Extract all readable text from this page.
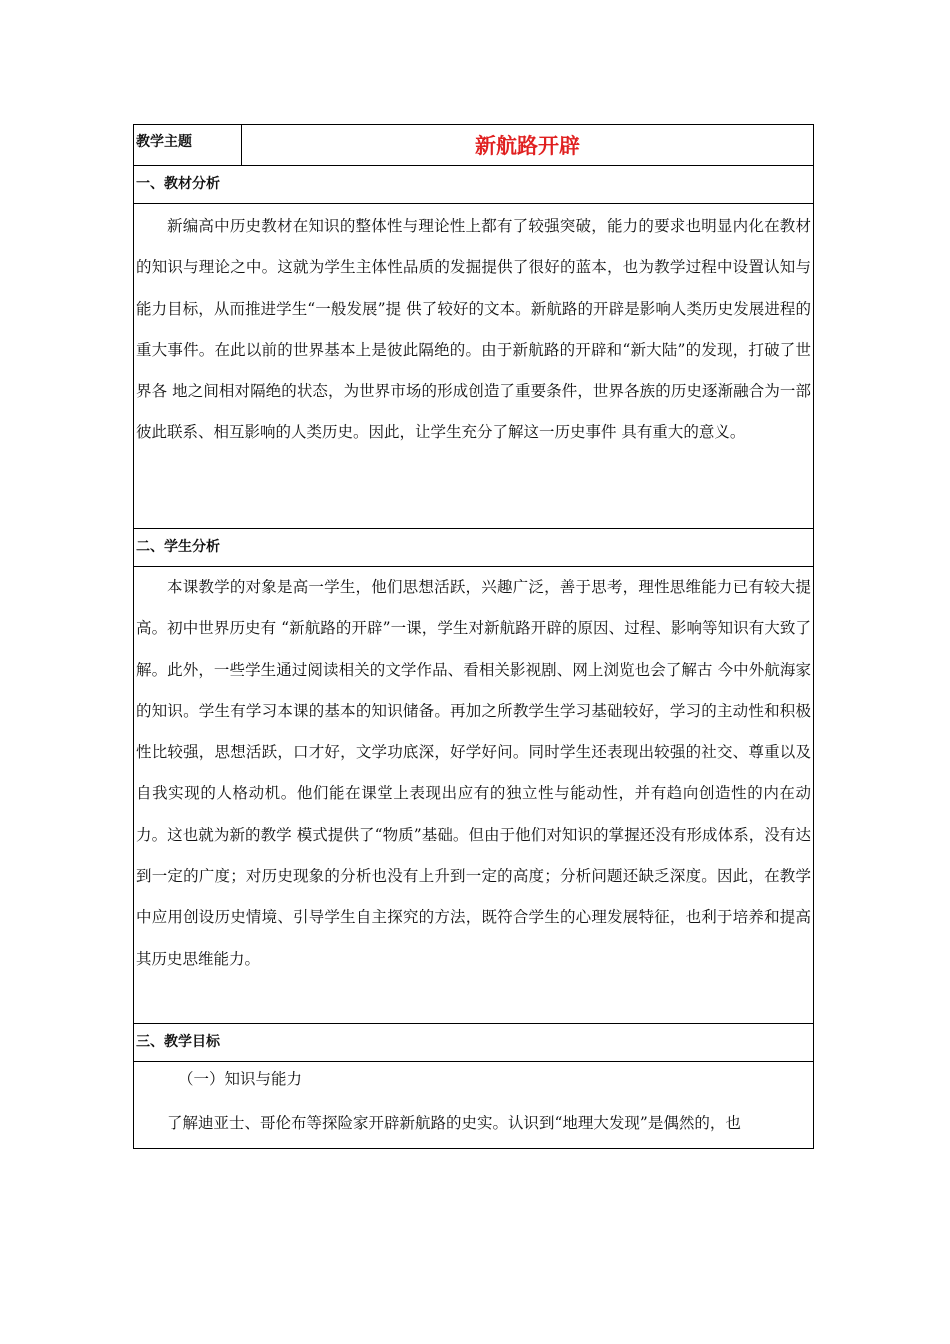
教学主题	新航路开辟
一、教材分析

新编高中历史教材在知识的整体性与理论性上都有了较强突破，能力的要求也明显内化在教材的知识与理论之中。这就为学生主体性品质的发掘提供了很好的蓝本，也为教学过程中设置认知与能力目标，从而推进学生“一般发展”提 供了较好的文本。新航路的开辟是影响人类历史发展进程的重大事件。在此以前的世界基本上是彼此隔绝的。由于新航路的开辟和“新大陆”的发现，打破了世界各 地之间相对隔绝的状态，为世界市场的形成创造了重要条件，世界各族的历史逐渐融合为一部彼此联系、相互影响的人类历史。因此，让学生充分了解这一历史事件 具有重大的意义。

二、学生分析

本课教学的对象是高一学生，他们思想活跃，兴趣广泛，善于思考，理性思维能力已有较大提高。初中世界历史有 “新航路的开辟”一课，学生对新航路开辟的原因、过程、影响等知识有大致了解。此外，一些学生通过阅读相关的文学作品、看相关影视剧、网上浏览也会了解古 今中外航海家的知识。学生有学习本课的基本的知识储备。再加之所教学生学习基础较好，学习的主动性和积极性比较强，思想活跃，口才好，文学功底深，好学好问。同时学生还表现出较强的社交、尊重以及自我实现的人格动机。他们能在课堂上表现出应有的独立性与能动性，并有趋向创造性的内在动力。这也就为新的教学 模式提供了“物质”基础。但由于他们对知识的掌握还没有形成体系，没有达到一定的广度；对历史现象的分析也没有上升到一定的高度；分析问题还缺乏深度。因此，在教学中应用创设历史情境、引导学生自主探究的方法，既符合学生的心理发展特征，也利于培养和提高其历史思维能力。

三、教学目标

（一）知识与能力

了解迪亚士、哥伦布等探险家开辟新航路的史实。认识到“地理大发现”是偶然的，也
